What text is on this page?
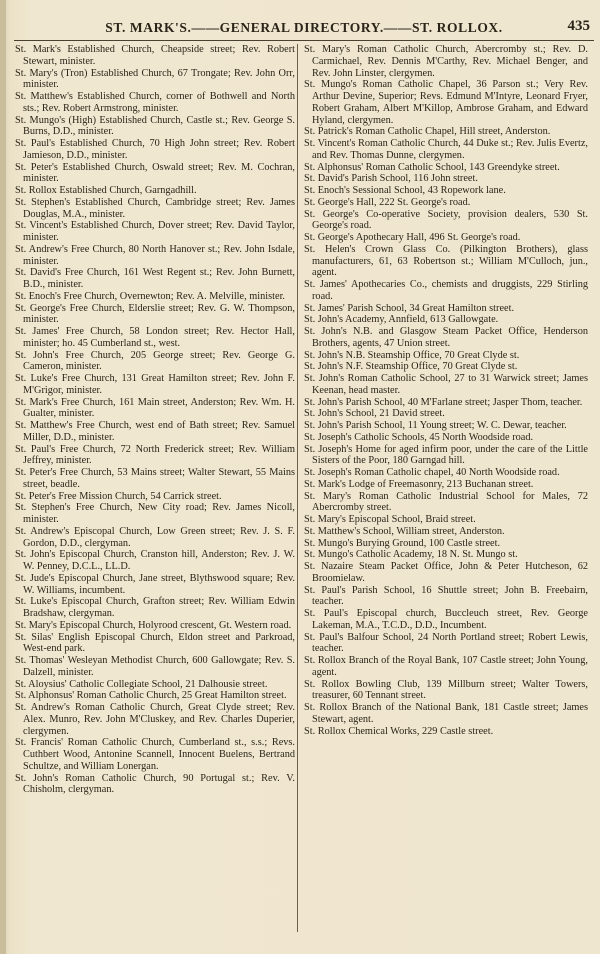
ST. MARK'S.——GENERAL DIRECTORY.——ST. ROLLOX.	435

St. Mark's Established Church, Cheapside street; Rev. Robert Stewart, minister.

St. Mary's (Tron) Established Church, 67 Trongate; Rev. John Orr, minister.

St. Matthew's Established Church, corner of Bothwell and North sts.; Rev. Robert Armstrong, minister.

St. Mungo's (High) Established Church, Castle st.; Rev. George S. Burns, D.D., minister.

St. Paul's Established Church, 70 High John street; Rev. Robert Jamieson, D.D., minister.

St. Peter's Established Church, Oswald street; Rev. M. Cochran, minister.

St. Rollox Established Church, Garngadhill.

St. Stephen's Established Church, Cambridge street; Rev. James Douglas, M.A., minister.

St. Vincent's Established Church, Dover street; Rev. David Taylor, minister.

St. Andrew's Free Church, 80 North Hanover st.; Rev. John Isdale, minister.

St. David's Free Church, 161 West Regent st.; Rev. John Burnett, B.D., minister.

St. Enoch's Free Church, Overnewton; Rev. A. Melville, minister.

St. George's Free Church, Elderslie street; Rev. G. W. Thompson, minister.

St. James' Free Church, 58 London street; Rev. Hector Hall, minister; ho. 45 Cumberland st., west.

St. John's Free Church, 205 George street; Rev. George G. Cameron, minister.

St. Luke's Free Church, 131 Great Hamilton street; Rev. John F. M'Grigor, minister.

St. Mark's Free Church, 161 Main street, Anderston; Rev. Wm. H. Gualter, minister.

St. Matthew's Free Church, west end of Bath street; Rev. Samuel Miller, D.D., minister.

St. Paul's Free Church, 72 North Frederick street; Rev. William Jeffrey, minister.

St. Peter's Free Church, 53 Mains street; Walter Stewart, 55 Mains street, beadle.

St. Peter's Free Mission Church, 54 Carrick street.

St. Stephen's Free Church, New City road; Rev. James Nicoll, minister.

St. Andrew's Episcopal Church, Low Green street; Rev. J. S. F. Gordon, D.D., clergyman.

St. John's Episcopal Church, Cranston hill, Anderston; Rev. J. W. W. Penney, D.C.L., LL.D.

St. Jude's Episcopal Church, Jane street, Blythswood square; Rev. W. Williams, incumbent.

St. Luke's Episcopal Church, Grafton street; Rev. William Edwin Bradshaw, clergyman.

St. Mary's Episcopal Church, Holyrood crescent, Gt. Western road.

St. Silas' English Episcopal Church, Eldon street and Parkroad, West-end park.

St. Thomas' Wesleyan Methodist Church, 600 Gallowgate; Rev. S. Dalzell, minister.

St. Aloysius' Catholic Collegiate School, 21 Dalhousie street.

St. Alphonsus' Roman Catholic Church, 25 Great Hamilton street.

St. Andrew's Roman Catholic Church, Great Clyde street; Rev. Alex. Munro, Rev. John M'Cluskey, and Rev. Charles Duperier, clergymen.

St. Francis' Roman Catholic Church, Cumberland st., s.s.; Revs. Cuthbert Wood, Antonine Scannell, Innocent Buelens, Bertrand Schultze, and William Lonergan.

St. John's Roman Catholic Church, 90 Portugal st.; Rev. V. Chisholm, clergyman.

St. Mary's Roman Catholic Church, Abercromby st.; Rev. D. Carmichael, Rev. Dennis M'Carthy, Rev. Michael Benger, and Rev. John Linster, clergymen.

St. Mungo's Roman Catholic Chapel, 36 Parson st.; Very Rev. Arthur Devine, Superior; Revs. Edmund M'Intyre, Leonard Fryer, Robert Graham, Albert M'Killop, Ambrose Graham, and Edward Hyland, clergymen.

St. Patrick's Roman Catholic Chapel, Hill street, Anderston.

St. Vincent's Roman Catholic Church, 44 Duke st.; Rev. Julis Evertz, and Rev. Thomas Dunne, clergymen.

St. Alphonsus' Roman Catholic School, 143 Greendyke street.

St. David's Parish School, 116 John street.

St. Enoch's Sessional School, 43 Ropework lane.

St. George's Hall, 222 St. George's road.

St. George's Co-operative Society, provision dealers, 530 St. George's road.

St. George's Apothecary Hall, 496 St. George's road.

St. Helen's Crown Glass Co. (Pilkington Brothers), glass manufacturers, 61, 63 Robertson st.; William M'Culloch, jun., agent.

St. James' Apothecaries Co., chemists and druggists, 229 Stirling road.

St. James' Parish School, 34 Great Hamilton street.

St. John's Academy, Annfield, 613 Gallowgate.

St. John's N.B. and Glasgow Steam Packet Office, Henderson Brothers, agents, 47 Union street.

St. John's N.B. Steamship Office, 70 Great Clyde st.

St. John's N.F. Steamship Office, 70 Great Clyde st.

St. John's Roman Catholic School, 27 to 31 Warwick street; James Keenan, head master.

St. John's Parish School, 40 M'Farlane street; Jasper Thom, teacher.

St. John's School, 21 David street.

St. John's Parish School, 11 Young street; W. C. Dewar, teacher.

St. Joseph's Catholic Schools, 45 North Woodside road.

St. Joseph's Home for aged infirm poor, under the care of the Little Sisters of the Poor, 180 Garngad hill.

St. Joseph's Roman Catholic chapel, 40 North Woodside road.

St. Mark's Lodge of Freemasonry, 213 Buchanan street.

St. Mary's Roman Catholic Industrial School for Males, 72 Abercromby street.

St. Mary's Episcopal School, Braid street.

St. Matthew's School, William street, Anderston.

St. Mungo's Burying Ground, 100 Castle street.

St. Mungo's Catholic Academy, 18 N. St. Mungo st.

St. Nazaire Steam Packet Office, John & Peter Hutcheson, 62 Broomielaw.

St. Paul's Parish School, 16 Shuttle street; John B. Freebairn, teacher.

St. Paul's Episcopal church, Buccleuch street, Rev. George Lakeman, M.A., T.C.D., D.D., Incumbent.

St. Paul's Balfour School, 24 North Portland street; Robert Lewis, teacher.

St. Rollox Branch of the Royal Bank, 107 Castle street; John Young, agent.

St. Rollox Bowling Club, 139 Millburn street; Walter Towers, treasurer, 60 Tennant street.

St. Rollox Branch of the National Bank, 181 Castle street; James Stewart, agent.

St. Rollox Chemical Works, 229 Castle street.
